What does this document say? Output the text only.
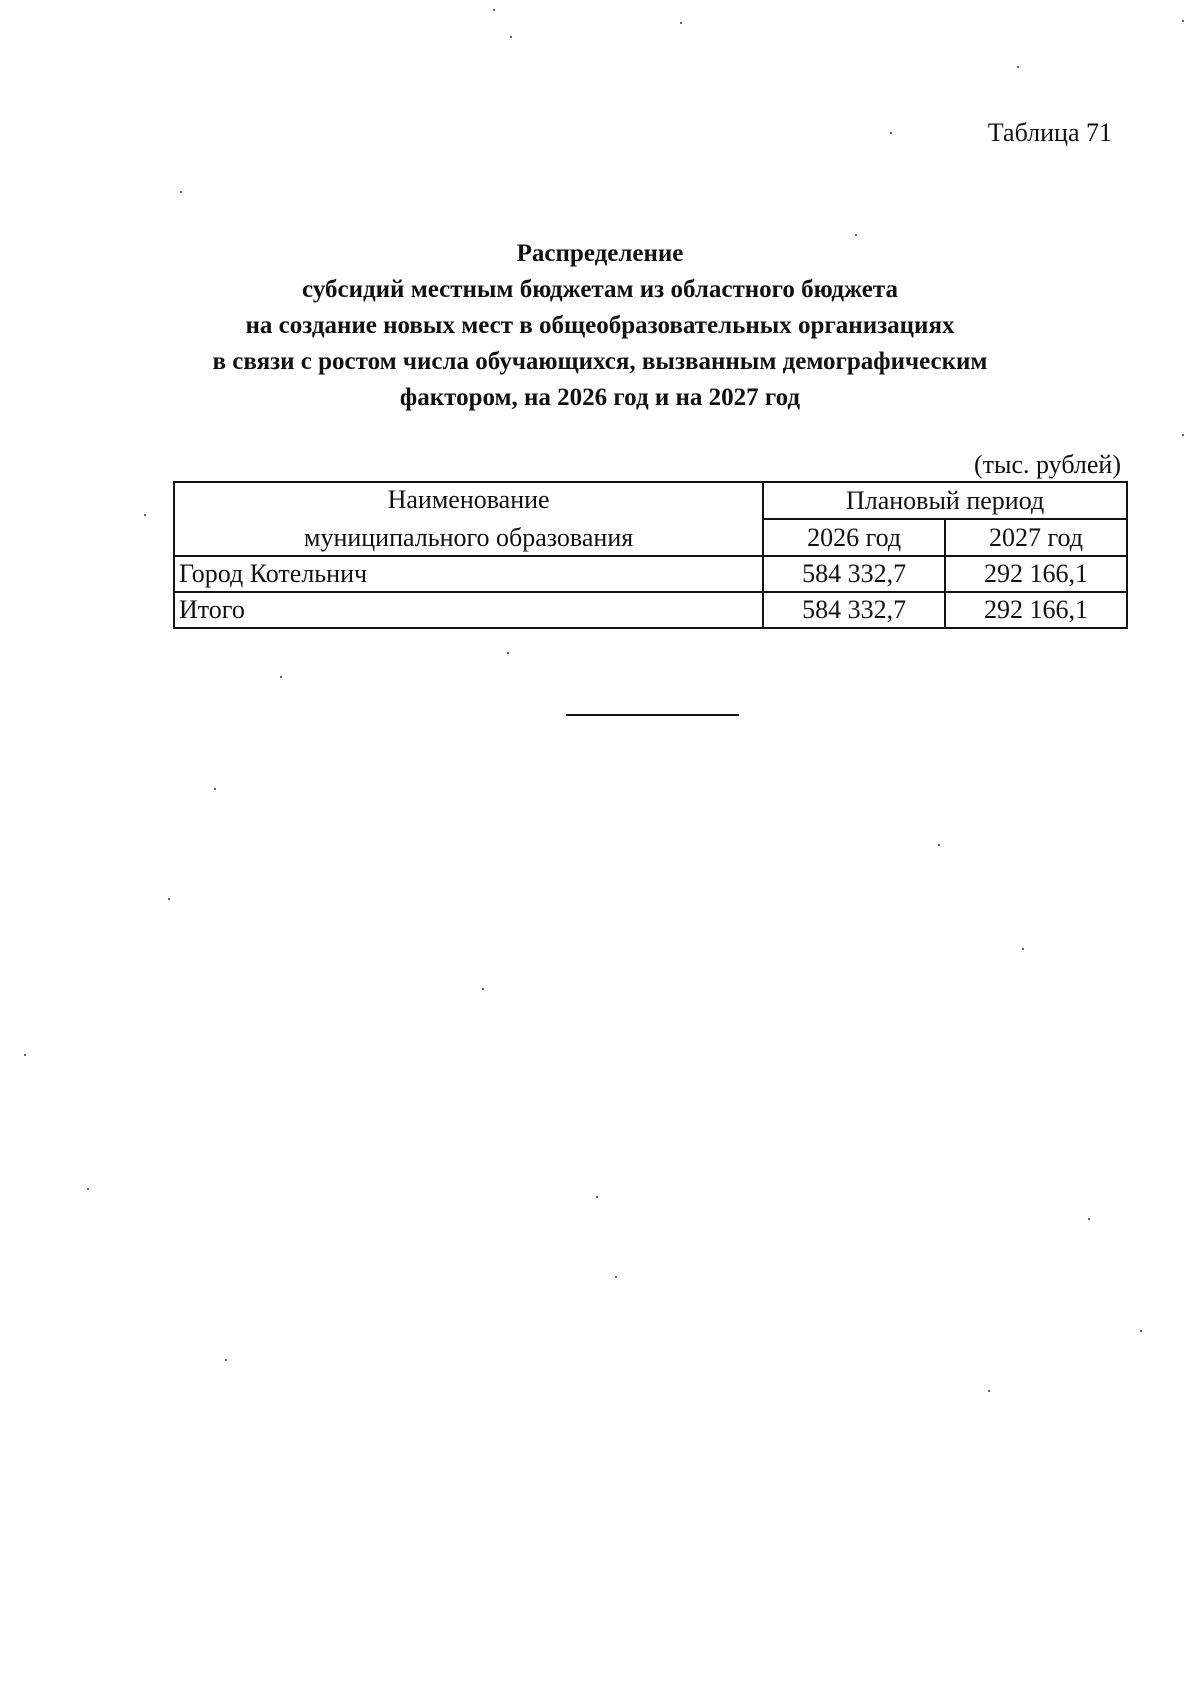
Таблица 71
Распределение
субсидий местным бюджетам из областного бюджета
на создание новых мест в общеобразовательных организациях
в связи с ростом числа обучающихся, вызванным демографическим
фактором, на 2026 год и на 2027 год
(тыс. рублей)
Наименование
муниципального образования	Плановый период	
	2026 год	2027 год
Город Котельнич	584 332,7	292 166,1
Итого	584 332,7	292 166,1
